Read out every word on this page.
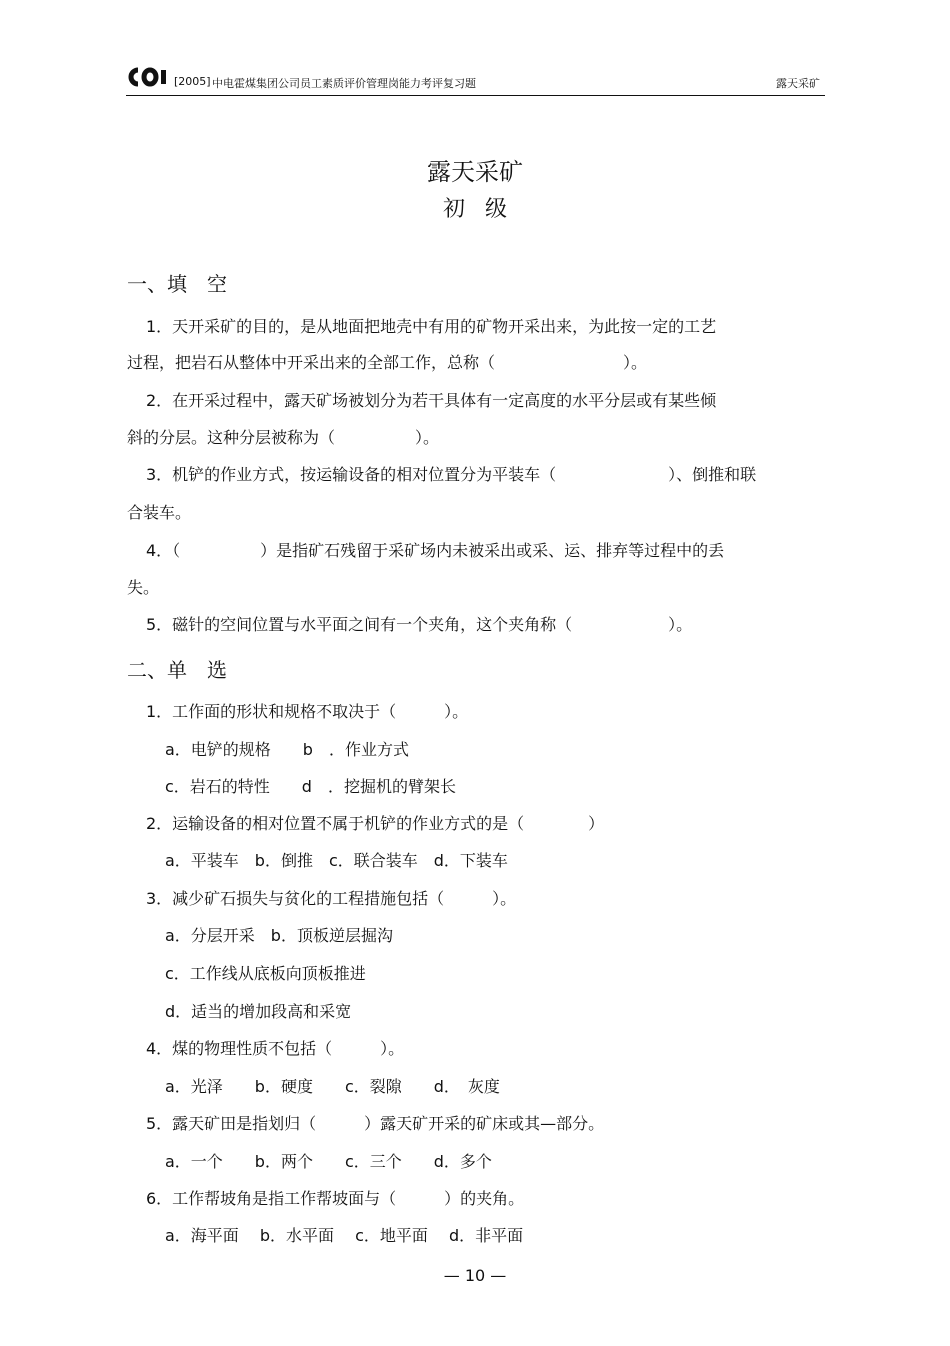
[2005] 中电霍煤集团公司员工素质评价管理岗能力考评复习题	露天采矿
露天采矿
初级
一、填　空
1．天开采矿的目的，是从地面把地壳中有用的矿物开采出来，为此按一定的工艺
过程，把岩石从整体中开采出来的全部工作，总称（　　　　　　　　）。
2．在开采过程中，露天矿场被划分为若干具体有一定高度的水平分层或有某些倾
斜的分层。这种分层被称为（　　　　　）。
3．机铲的作业方式，按运输设备的相对位置分为平装车（　　　　　　　）、倒推和联
合装车。
4．（　　　　　）是指矿石残留于采矿场内未被采出或采、运、排弃等过程中的丢
失。
5．磁针的空间位置与水平面之间有一个夹角，这个夹角称（　　　　　　）。
二、单　选
1．工作面的形状和规格不取决于（　　　）。
a．电铲的规格　　b　．作业方式
c．岩石的特性　　d　．挖掘机的臂架长
2．运输设备的相对位置不属于机铲的作业方式的是（　　　　）
a．平装车　b．倒推　c．联合装车　d．下装车
3．减少矿石损失与贫化的工程措施包括（　　　）。
a．分层开采　b．顶板逆层掘沟
c．工作线从底板向顶板推进
d．适当的增加段高和采宽
4．煤的物理性质不包括（　　　）。
a．光泽　　b．硬度　　c．裂隙　　d．　灰度
5．露天矿田是指划归（　　　）露天矿开采的矿床或其—部分。
a．一个　　b．两个　　c．三个　　d．多个
6．工作帮坡角是指工作帮坡面与（　　　）的夹角。
a．海平面　 b．水平面　 c．地平面　 d．非平面
— 10 —
